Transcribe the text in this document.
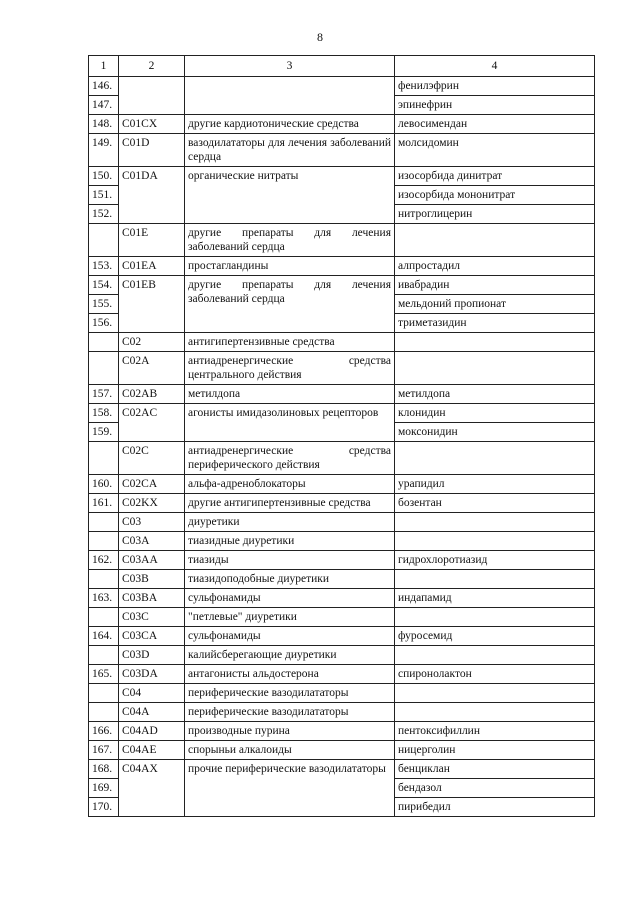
8
1	2	3	4
146.			фенилэфрин
147.			эпинефрин
148.	C01CX	другие кардиотонические средства	левосимендан
149.	C01D	вазодилататоры для лечения заболеваний сердца	молсидомин
150.	C01DA	органические нитраты	изосорбида динитрат
151.			изосорбида мононитрат
152.			нитроглицерин
	C01E	другие препараты для лечения заболеваний сердца	
153.	C01EA	простагландины	алпростадил
154.	C01EB	другие препараты для лечения заболеваний сердца	ивабрадин
155.			мельдоний пропионат
156.			триметазидин
	C02	антигипертензивные средства	
	C02A	антиадренергические средства центрального действия	
157.	C02AB	метилдопа	метилдопа
158.	C02AC	агонисты имидазолиновых рецепторов	клонидин
159.			моксонидин
	C02C	антиадренергические средства периферического действия	
160.	C02CA	альфа-адреноблокаторы	урапидил
161.	C02KX	другие антигипертензивные средства	бозентан
	C03	диуретики	
	C03A	тиазидные диуретики	
162.	C03AA	тиазиды	гидрохлоротиазид
	C03B	тиазидоподобные диуретики	
163.	C03BA	сульфонамиды	индапамид
	C03C	"петлевые" диуретики	
164.	C03CA	сульфонамиды	фуросемид
	C03D	калийсберегающие диуретики	
165.	C03DA	антагонисты альдостерона	спиронолактон
	C04	периферические вазодилататоры	
	C04A	периферические вазодилататоры	
166.	C04AD	производные пурина	пентоксифиллин
167.	C04AE	спорыньи алкалоиды	ницерголин
168.	C04AX	прочие периферические вазодилататоры	бенциклан
169.			бендазол
170.			пирибедил
